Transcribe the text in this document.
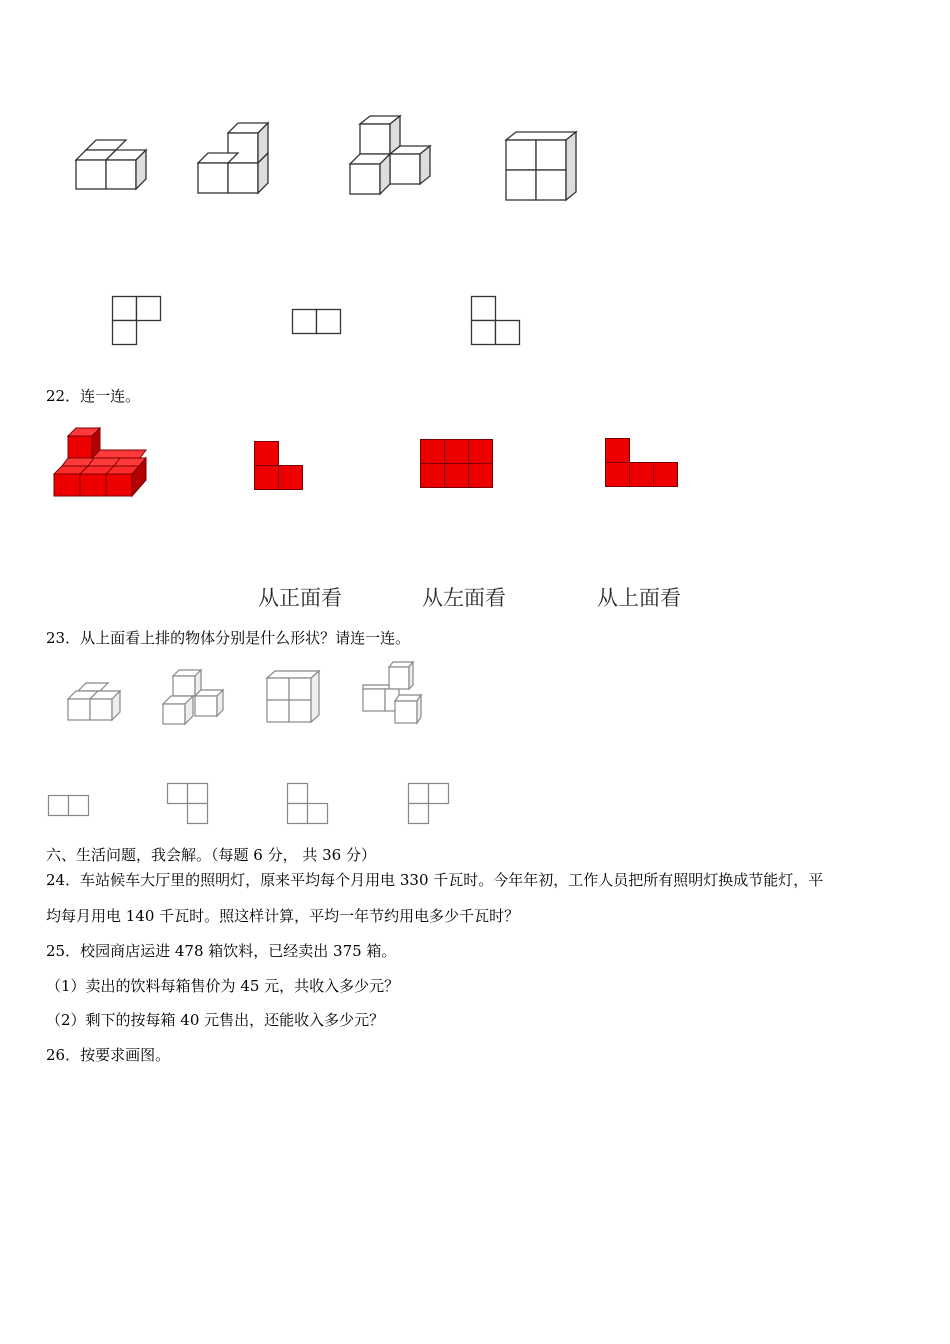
22．连一连。
从正面看	从左面看	从上面看
23．从上面看上排的物体分别是什么形状？请连一连。
六、生活问题，我会解。（每题 6 分， 共 36 分）
24．车站候车大厅里的照明灯，原来平均每个月用电 330 千瓦时。今年年初，工作人员把所有照明灯换成节能灯，平
均每月用电 140 千瓦时。照这样计算，平均一年节约用电多少千瓦时？
25．校园商店运进 478 箱饮料，已经卖出 375 箱。
（1）卖出的饮料每箱售价为 45 元，共收入多少元？
（2）剩下的按每箱 40 元售出，还能收入多少元？
26．按要求画图。
